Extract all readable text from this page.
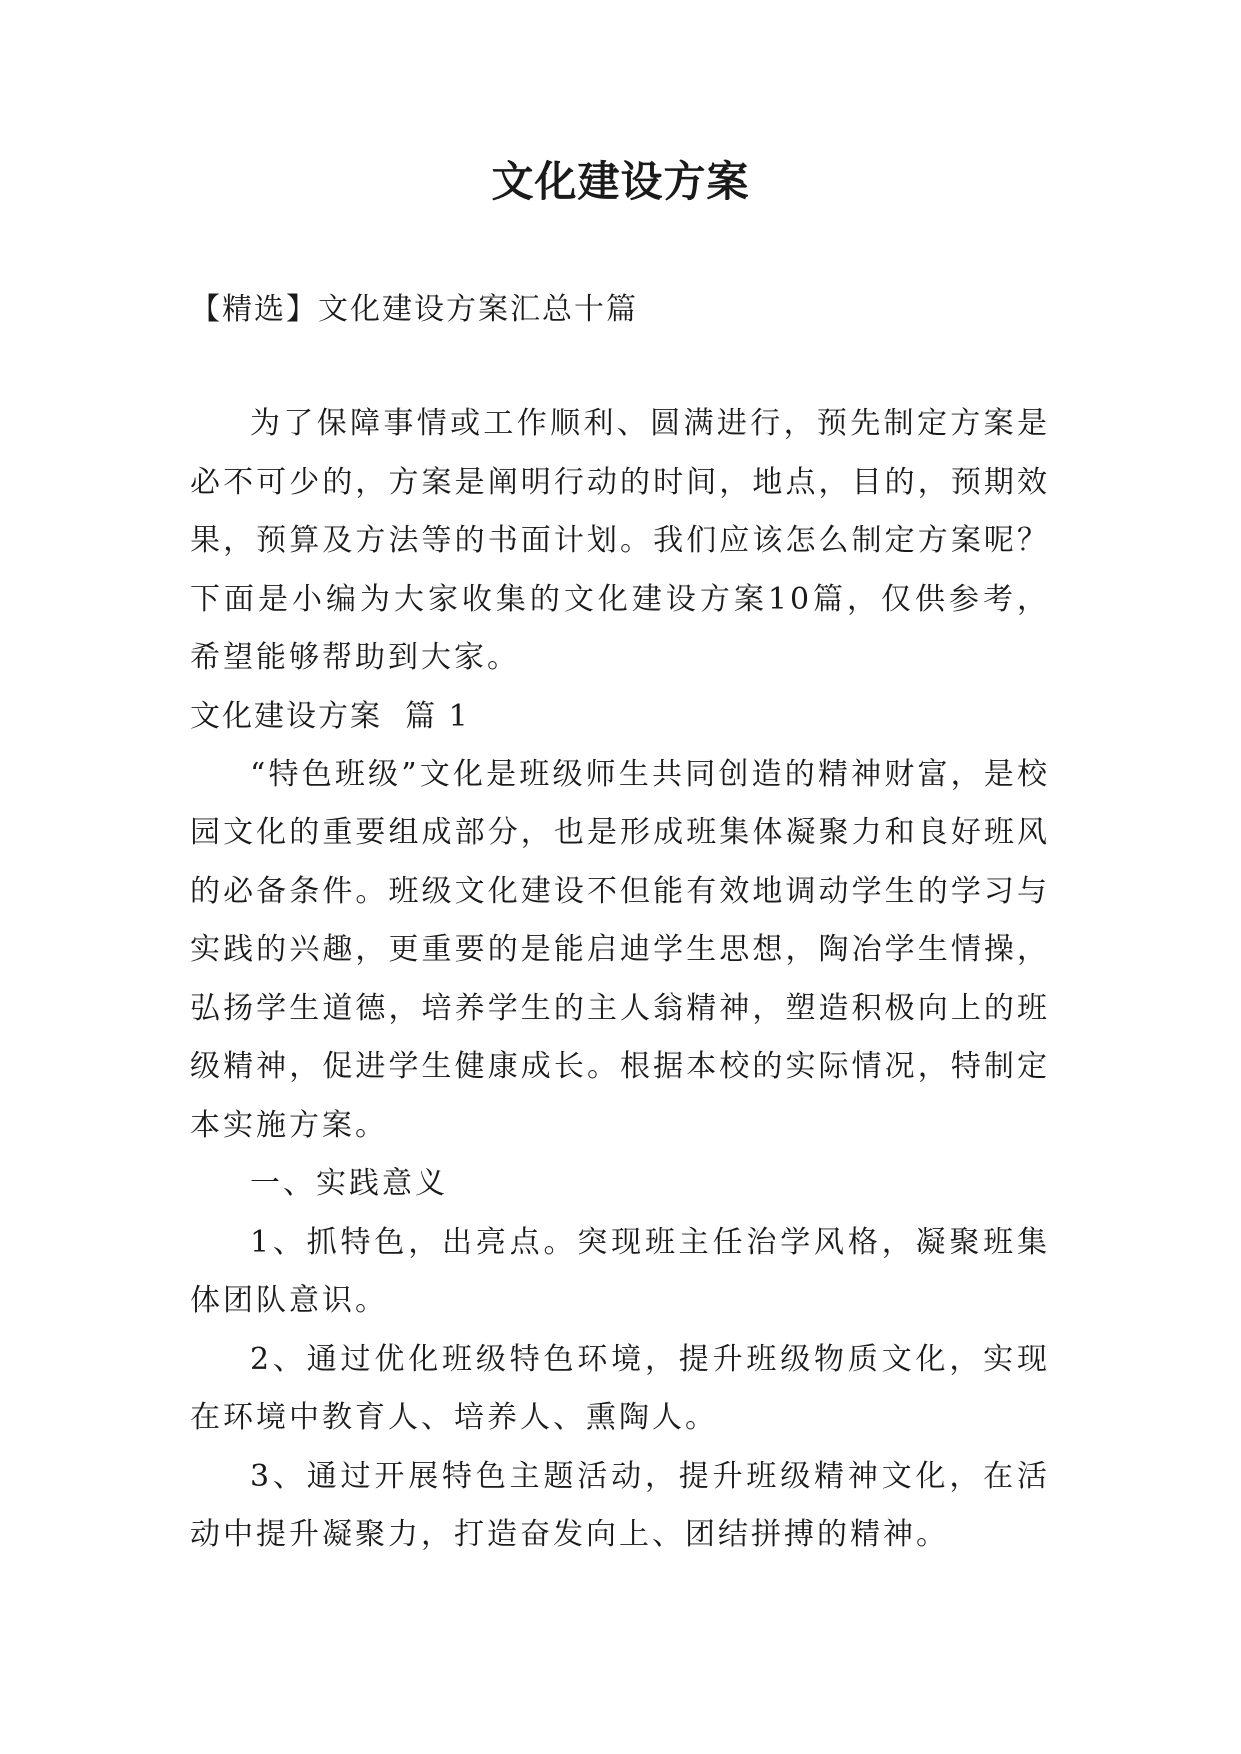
文化建设方案
【精选】文化建设方案汇总十篇

为了保障事情或工作顺利、圆满进行，预先制定方案是必不可少的，方案是阐明行动的时间，地点，目的，预期效果，预算及方法等的书面计划。我们应该怎么制定方案呢？下面是小编为大家收集的文化建设方案10篇，仅供参考，希望能够帮助到大家。

文化建设方案  篇 1

“特色班级”文化是班级师生共同创造的精神财富，是校园文化的重要组成部分，也是形成班集体凝聚力和良好班风的必备条件。班级文化建设不但能有效地调动学生的学习与实践的兴趣，更重要的是能启迪学生思想，陶冶学生情操，弘扬学生道德，培养学生的主人翁精神，塑造积极向上的班级精神，促进学生健康成长。根据本校的实际情况，特制定本实施方案。

一、实践意义

1、抓特色，出亮点。突现班主任治学风格，凝聚班集体团队意识。

2、通过优化班级特色环境，提升班级物质文化，实现在环境中教育人、培养人、熏陶人。

3、通过开展特色主题活动，提升班级精神文化，在活动中提升凝聚力，打造奋发向上、团结拼搏的精神。
